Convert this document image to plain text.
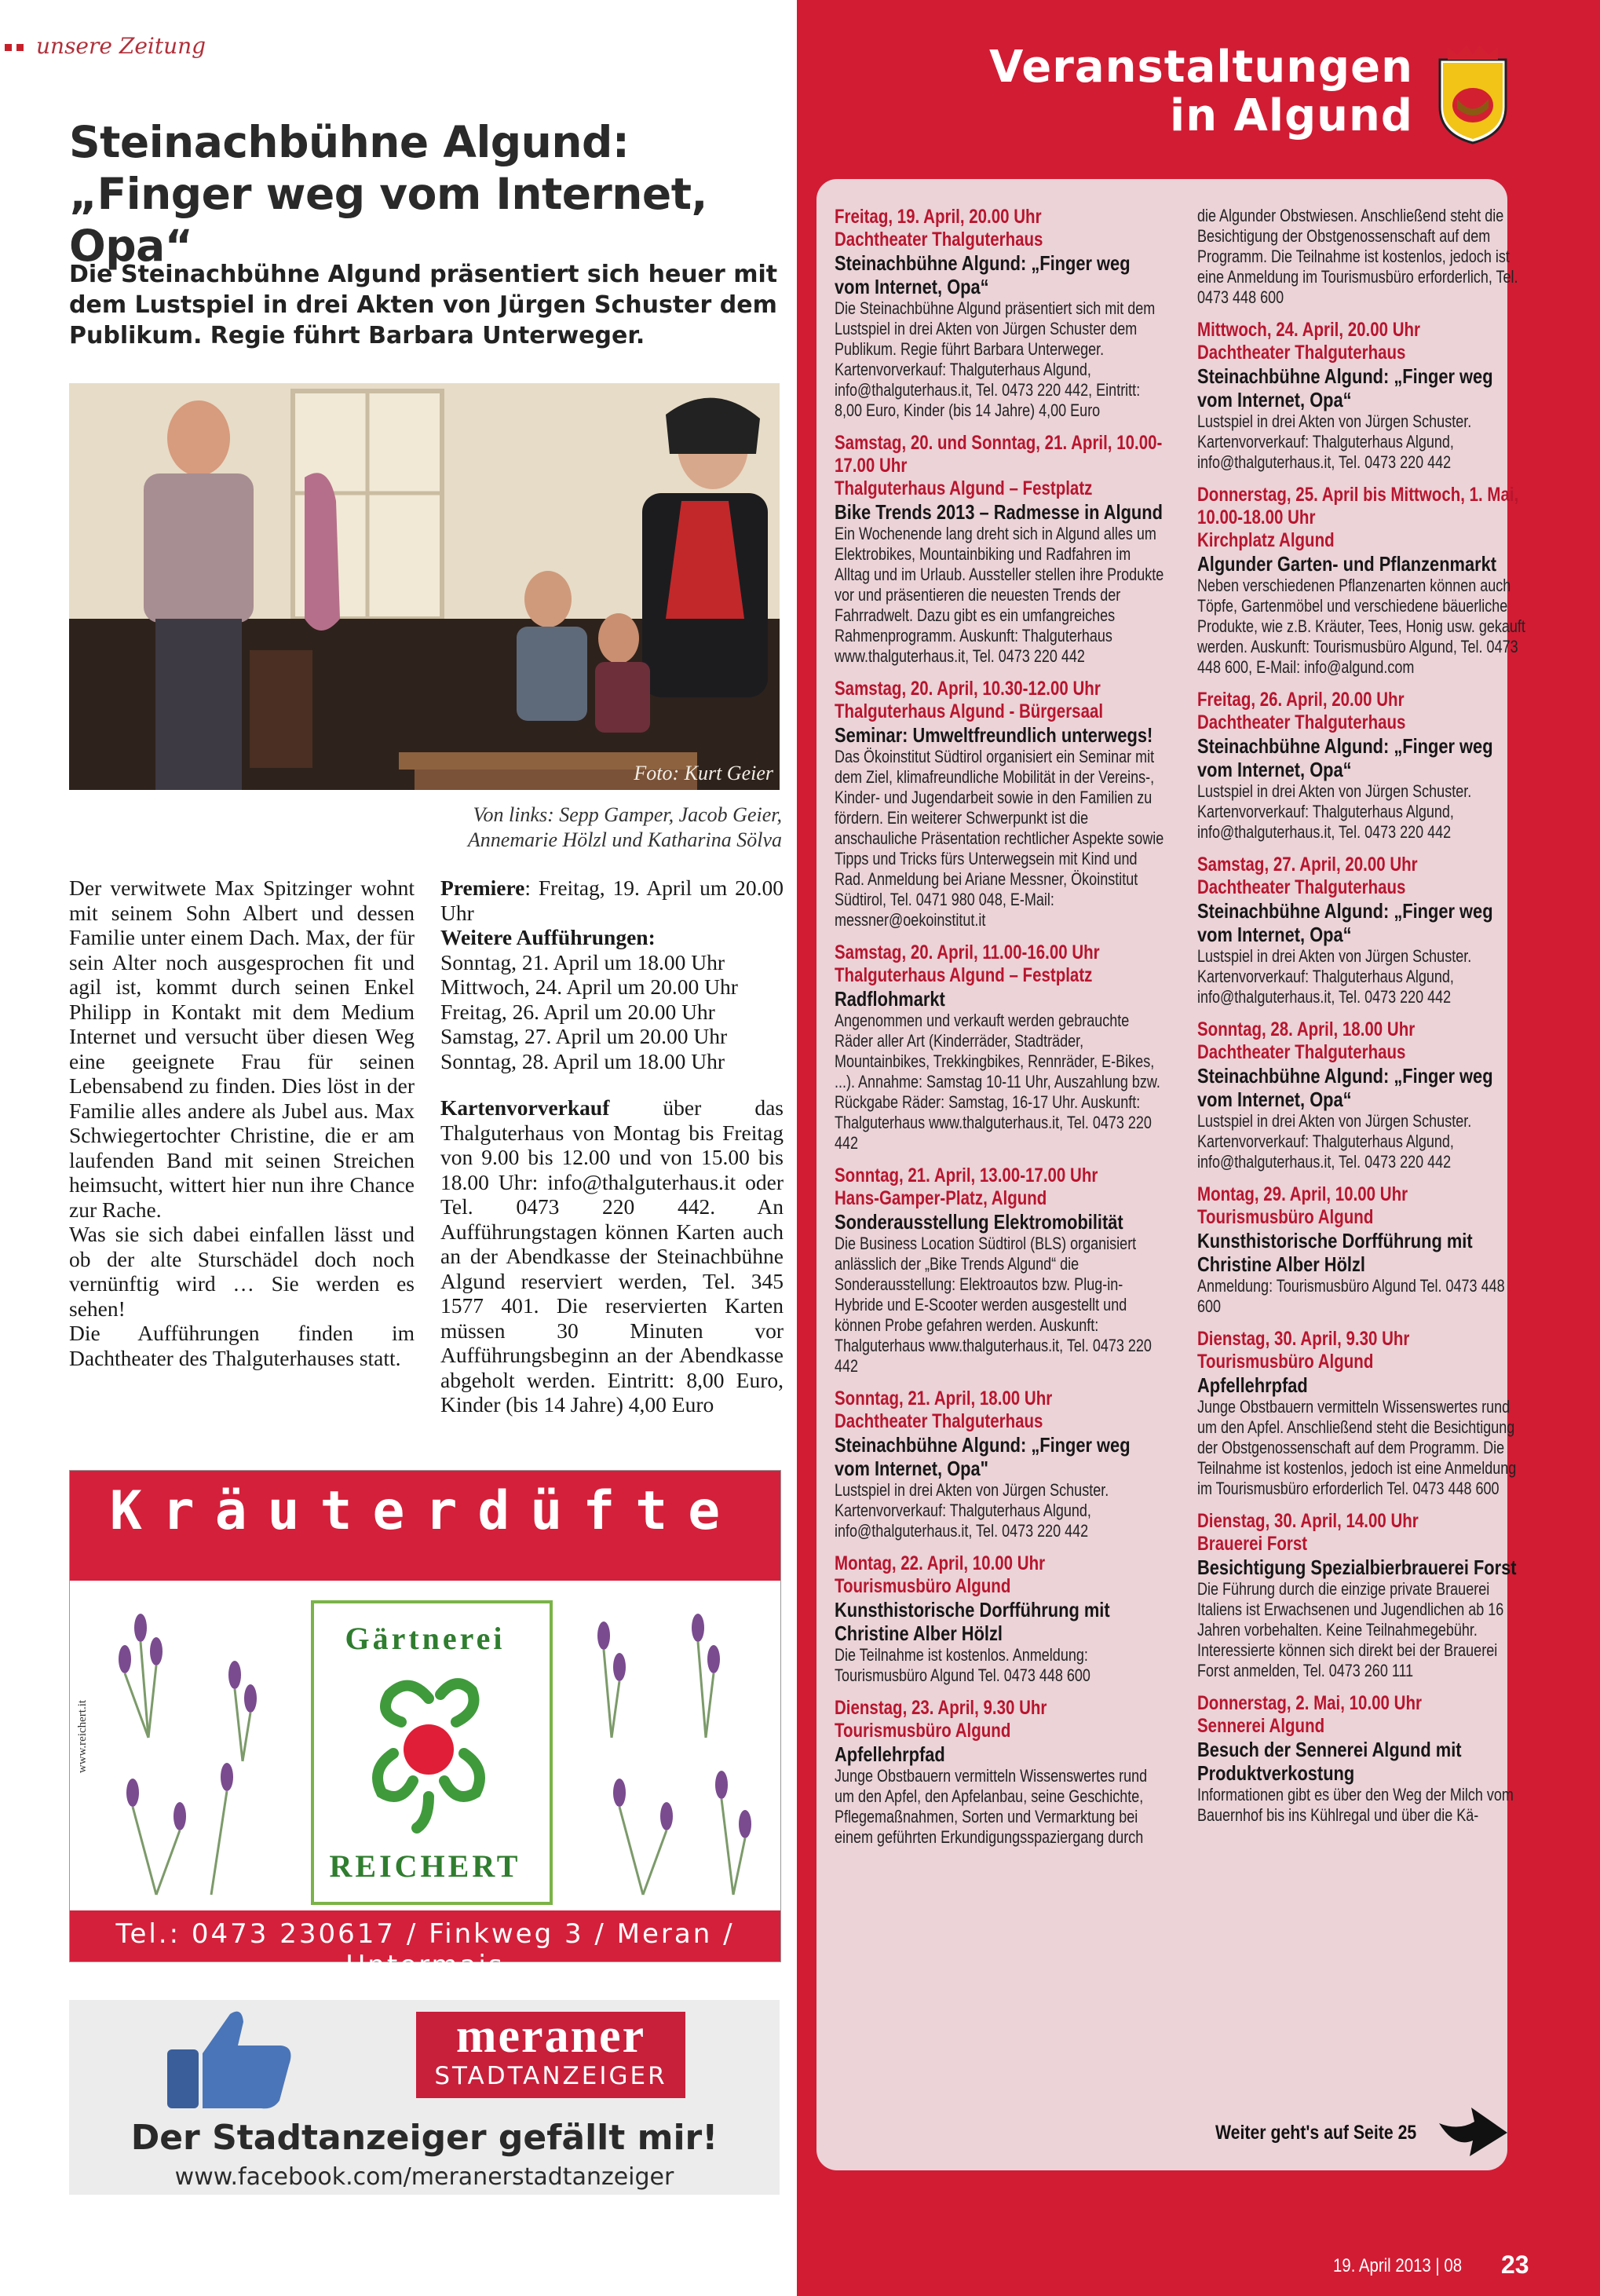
unsere Zeitung
Steinachbühne Algund:
„Finger weg vom Internet, Opa“
Die Steinachbühne Algund präsentiert sich heuer mit dem Lustspiel in drei Akten von Jürgen Schuster dem Publikum. Regie führt Barbara Unterweger.
Foto: Kurt Geier
Von links: Sepp Gamper, Jacob Geier,
Annemarie Hölzl und Katharina Sölva

Der verwitwete Max Spitzinger wohnt mit seinem Sohn Albert und dessen Familie unter einem Dach. Max, der für sein Alter noch ausgesprochen fit und agil ist, kommt durch seinen Enkel Philipp in Kontakt mit dem Medium Internet und versucht über diesen Weg eine geeignete Frau für seinen Lebensabend zu finden. Dies löst in der Familie alles andere als Jubel aus. Max Schwiegertochter Christine, die er am laufenden Band mit seinen Streichen heimsucht, wittert hier nun ihre Chance zur Rache.

Was sie sich dabei einfallen lässt und ob der alte Sturschädel doch noch vernünftig wird … Sie werden es sehen!

Die Aufführungen finden im Dachtheater des Thalguterhauses statt.

Premiere: Freitag, 19. April um 20.00 Uhr

Weitere Aufführungen:

Sonntag, 21. April um 18.00 Uhr

Mittwoch, 24. April um 20.00 Uhr

Freitag, 26. April um 20.00 Uhr

Samstag, 27. April um 20.00 Uhr

Sonntag, 28. April um 18.00 Uhr

Kartenvorverkauf über das Thalguterhaus von Montag bis Freitag von 9.00 bis 12.00 und von 15.00 bis 18.00 Uhr: info@thalguterhaus.it oder Tel. 0473 220 442. An Aufführungstagen können Karten auch an der Abendkasse der Steinachbühne Algund reserviert werden, Tel. 345 1577 401. Die reservierten Karten müssen 30 Minuten vor Aufführungsbeginn an der Abendkasse abgeholt werden. Eintritt: 8,00 Euro, Kinder (bis 14 Jahre) 4,00 Euro

Kräuterdüfte
Gärtnerei
REICHERT
www.reichert.it
Tel.: 0473 230617 / Finkweg 3 / Meran / Untermais
meraner
STADTANZEIGER
Der Stadtanzeiger gefällt mir!
www.facebook.com/meranerstadtanzeiger
Veranstaltungen
in Algund
Freitag, 19. April, 20.00 Uhr
Dachtheater Thalguterhaus
Steinachbühne Algund: „Finger weg vom Internet, Opa“
Die Steinachbühne Algund präsentiert sich mit dem Lustspiel in drei Akten von Jürgen Schuster dem Publikum. Regie führt Barbara Unterweger. Kartenvorverkauf: Thalguterhaus Algund, info@thalguterhaus.it, Tel. 0473 220 442, Eintritt: 8,00 Euro, Kinder (bis 14 Jahre) 4,00 Euro
Samstag, 20. und Sonntag, 21. April, 10.00-17.00 Uhr
Thalguterhaus Algund – Festplatz
Bike Trends 2013 – Radmesse in Algund
Ein Wochenende lang dreht sich in Algund alles um Elektrobikes, Mountainbiking und Radfahren im Alltag und im Urlaub. Aussteller stellen ihre Produkte vor und präsentieren die neuesten Trends der Fahrradwelt. Dazu gibt es ein umfangreiches Rahmenprogramm. Auskunft: Thalguterhaus www.thalguterhaus.it, Tel. 0473 220 442
Samstag, 20. April, 10.30-12.00 Uhr
Thalguterhaus Algund - Bürgersaal
Seminar: Umweltfreundlich unterwegs!
Das Ökoinstitut Südtirol organisiert ein Seminar mit dem Ziel, klimafreundliche Mobilität in der Vereins-, Kinder- und Jugendarbeit sowie in den Familien zu fördern. Ein weiterer Schwerpunkt ist die anschauliche Präsentation rechtlicher Aspekte sowie Tipps und Tricks fürs Unterwegsein mit Kind und Rad. Anmeldung bei Ariane Messner, Ökoinstitut Südtirol, Tel. 0471 980 048, E-Mail: messner@oekoinstitut.it
Samstag, 20. April, 11.00-16.00 Uhr
Thalguterhaus Algund – Festplatz
Radflohmarkt
Angenommen und verkauft werden gebrauchte Räder aller Art (Kinderräder, Stadträder, Mountainbikes, Trekkingbikes, Rennräder, E-Bikes, ...). Annahme: Samstag 10-11 Uhr, Auszahlung bzw. Rückgabe Räder: Samstag, 16-17 Uhr. Auskunft: Thalguterhaus www.thalguterhaus.it, Tel. 0473 220 442
Sonntag, 21. April, 13.00-17.00 Uhr
Hans-Gamper-Platz, Algund
Sonderausstellung Elektromobilität
Die Business Location Südtirol (BLS) organisiert anlässlich der „Bike Trends Algund“ die Sonderausstellung: Elektroautos bzw. Plug-in-Hybride und E-Scooter werden ausgestellt und können Probe gefahren werden. Auskunft: Thalguterhaus www.thalguterhaus.it, Tel. 0473 220 442
Sonntag, 21. April, 18.00 Uhr
Dachtheater Thalguterhaus
Steinachbühne Algund: „Finger weg vom Internet, Opa"
Lustspiel in drei Akten von Jürgen Schuster. Kartenvorverkauf: Thalguterhaus Algund, info@thalguterhaus.it, Tel. 0473 220 442
Montag, 22. April, 10.00 Uhr
Tourismusbüro Algund
Kunsthistorische Dorfführung mit Christine Alber Hölzl
Die Teilnahme ist kostenlos. Anmeldung: Tourismusbüro Algund Tel. 0473 448 600
Dienstag, 23. April, 9.30 Uhr
Tourismusbüro Algund
Apfellehrpfad
Junge Obstbauern vermitteln Wissenswertes rund um den Apfel, den Apfelanbau, seine Geschichte, Pflegemaßnahmen, Sorten und Vermarktung bei einem geführten Erkundigungsspaziergang durch
die Algunder Obstwiesen. Anschließend steht die Besichtigung der Obstgenossenschaft auf dem Programm. Die Teilnahme ist kostenlos, jedoch ist eine Anmeldung im Tourismusbüro erforderlich, Tel. 0473 448 600
Mittwoch, 24. April, 20.00 Uhr
Dachtheater Thalguterhaus
Steinachbühne Algund: „Finger weg vom Internet, Opa“
Lustspiel in drei Akten von Jürgen Schuster. Kartenvorverkauf: Thalguterhaus Algund, info@thalguterhaus.it, Tel. 0473 220 442
Donnerstag, 25. April bis Mittwoch, 1. Mai, 10.00-18.00 Uhr
Kirchplatz Algund
Algunder Garten- und Pflanzenmarkt
Neben verschiedenen Pflanzenarten können auch Töpfe, Gartenmöbel und verschiedene bäuerliche Produkte, wie z.B. Kräuter, Tees, Honig usw. gekauft werden. Auskunft: Tourismusbüro Algund, Tel. 0473 448 600, E-Mail: info@algund.com
Freitag, 26. April, 20.00 Uhr
Dachtheater Thalguterhaus
Steinachbühne Algund: „Finger weg vom Internet, Opa“
Lustspiel in drei Akten von Jürgen Schuster. Kartenvorverkauf: Thalguterhaus Algund, info@thalguterhaus.it, Tel. 0473 220 442
Samstag, 27. April, 20.00 Uhr
Dachtheater Thalguterhaus
Steinachbühne Algund: „Finger weg vom Internet, Opa“
Lustspiel in drei Akten von Jürgen Schuster. Kartenvorverkauf: Thalguterhaus Algund, info@thalguterhaus.it, Tel. 0473 220 442
Sonntag, 28. April, 18.00 Uhr
Dachtheater Thalguterhaus
Steinachbühne Algund: „Finger weg vom Internet, Opa“
Lustspiel in drei Akten von Jürgen Schuster. Kartenvorverkauf: Thalguterhaus Algund, info@thalguterhaus.it, Tel. 0473 220 442
Montag, 29. April, 10.00 Uhr
Tourismusbüro Algund
Kunsthistorische Dorfführung mit Christine Alber Hölzl
Anmeldung: Tourismusbüro Algund Tel. 0473 448 600
Dienstag, 30. April, 9.30 Uhr
Tourismusbüro Algund
Apfellehrpfad
Junge Obstbauern vermitteln Wissenswertes rund um den Apfel. Anschließend steht die Besichtigung der Obstgenossenschaft auf dem Programm. Die Teilnahme ist kostenlos, jedoch ist eine Anmeldung im Tourismusbüro erforderlich Tel. 0473 448 600
Dienstag, 30. April, 14.00 Uhr
Brauerei Forst
Besichtigung Spezialbierbrauerei Forst
Die Führung durch die einzige private Brauerei Italiens ist Erwachsenen und Jugendlichen ab 16 Jahren vorbehalten. Keine Teilnahmegebühr. Interessierte können sich direkt bei der Brauerei Forst anmelden, Tel. 0473 260 111
Donnerstag, 2. Mai, 10.00 Uhr
Sennerei Algund
Besuch der Sennerei Algund mit Produktverkostung
Informationen gibt es über den Weg der Milch vom Bauernhof bis ins Kühlregal und über die Kä-
Weiter geht's auf Seite 25
19. April 2013 | 08 23
